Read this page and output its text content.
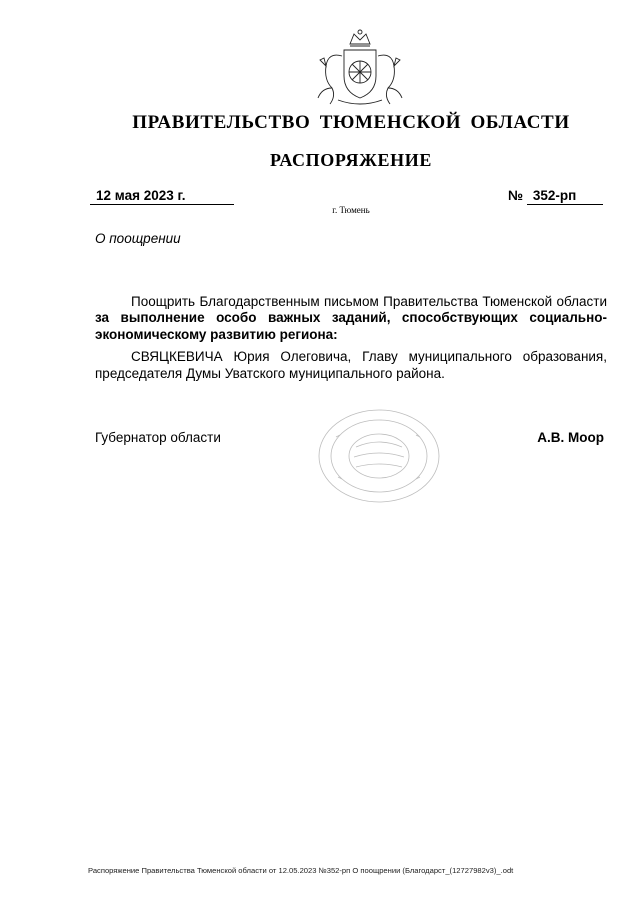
ПРАВИТЕЛЬСТВО ТЮМЕНСКОЙ ОБЛАСТИ
РАСПОРЯЖЕНИЕ
12 мая 2023 г.	№ 352-рп
г. Тюмень
О поощрении

Поощрить Благодарственным письмом Правительства Тюменской области за выполнение особо важных заданий, способствующих социально-экономическому развитию региона:

СВЯЦКЕВИЧА Юрия Олеговича, Главу муниципального образования, председателя Думы Уватского муниципального района.

Губернатор области	А.В. Моор
Распоряжение Правительства Тюменской области от 12.05.2023 №352-рп О поощрении (Благодарст_(12727982v3)_.odt
